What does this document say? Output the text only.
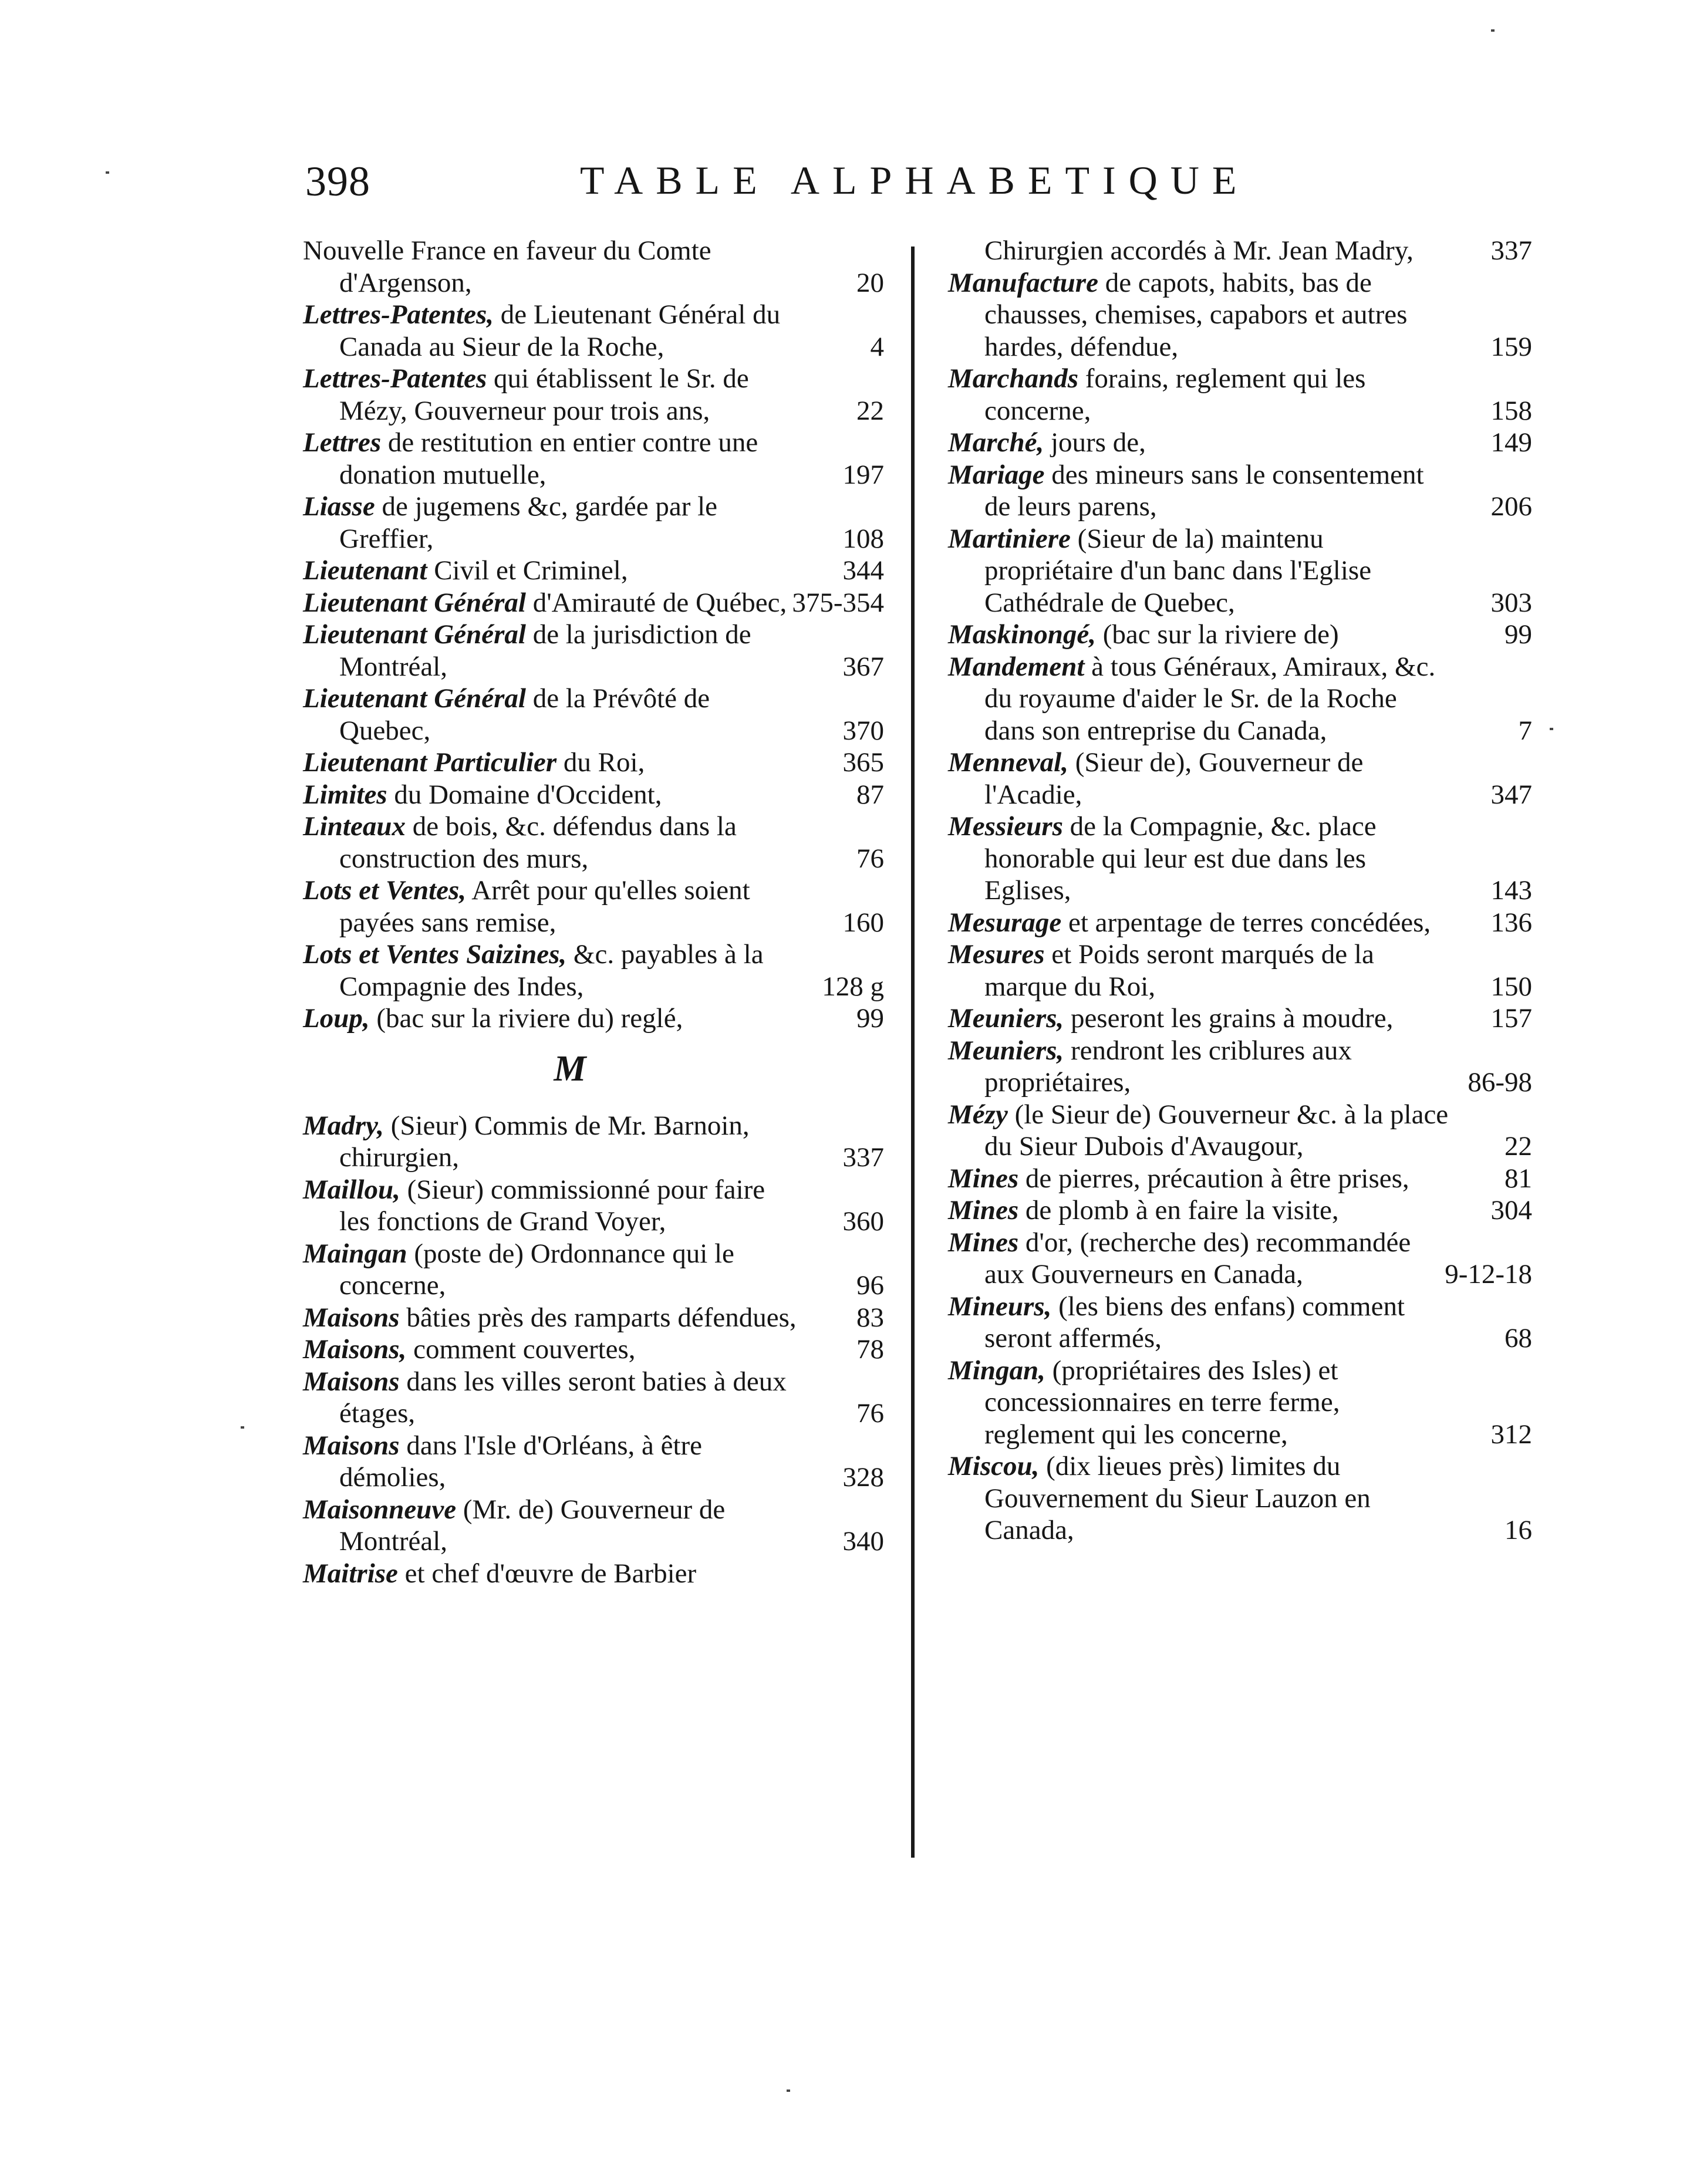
398	TABLE ALPHABETIQUE
Nouvelle France en faveur du Comte d'Argenson,	20
Lettres-Patentes, de Lieutenant Général du Canada au Sieur de la Roche,	4
Lettres-Patentes qui établissent le Sr. de Mézy, Gouverneur pour trois ans,	22
Lettres de restitution en entier contre une donation mutuelle,	197
Liasse de jugemens &c, gardée par le Greffier,	108
Lieutenant Civil et Criminel,	344
Lieutenant Général d'Amirauté de Québec, 375-354
Lieutenant Général de la jurisdiction de Montréal,	367
Lieutenant Général de la Prévôté de Quebec,	370
Lieutenant Particulier du Roi,	365
Limites du Domaine d'Occident,	87
Linteaux de bois, &c. défendus dans la construction des murs,	76
Lots et Ventes, Arrêt pour qu'elles soient payées sans remise,	160
Lots et Ventes Saizines, &c. payables à la Compagnie des Indes,	128 g
Loup, (bac sur la riviere du) reglé,	99
M
Madry, (Sieur) Commis de Mr. Barnoin, chirurgien,	337
Maillou, (Sieur) commissionné pour faire les fonctions de Grand Voyer,	360
Maingan (poste de) Ordonnance qui le concerne,	96
Maisons bâties près des ramparts défendues, 83
Maisons, comment couvertes,	78
Maisons dans les villes seront baties à deux étages,	76
Maisons dans l'Isle d'Orléans, à être démolies,	328
Maisonneuve (Mr. de) Gouverneur de Montréal,	340
Maitrise et chef d'œuvre de Barbier
Chirurgien accordés à Mr. Jean Madry,	337
Manufacture de capots, habits, bas de chausses, chemises, capabors et autres hardes, défendue,	159
Marchands forains, reglement qui les concerne,	158
Marché, jours de,	149
Mariage des mineurs sans le consentement de leurs parens,	206
Martiniere (Sieur de la) maintenu propriétaire d'un banc dans l'Eglise Cathédrale de Quebec,	303
Maskinongé, (bac sur la riviere de)	99
Mandement à tous Généraux, Amiraux, &c. du royaume d'aider le Sr. de la Roche dans son entreprise du Canada,	7
Menneval, (Sieur de), Gouverneur de l'Acadie,	347
Messieurs de la Compagnie, &c. place honorable qui leur est due dans les Eglises,	143
Mesurage et arpentage de terres concédées, 136
Mesures et Poids seront marqués de la marque du Roi,	150
Meuniers, peseront les grains à moudre,	157
Meuniers, rendront les criblures aux propriétaires,	86-98
Mézy (le Sieur de) Gouverneur &c. à la place du Sieur Dubois d'Avaugour,	22
Mines de pierres, précaution à être prises,	81
Mines de plomb à en faire la visite,	304
Mines d'or, (recherche des) recommandée aux Gouverneurs en Canada,	9-12-18
Mineurs, (les biens des enfans) comment seront affermés,	68
Mingan, (propriétaires des Isles) et concessionnaires en terre ferme, reglement qui les concerne,	312
Miscou, (dix lieues près) limites du Gouvernement du Sieur Lauzon en Canada,	16
